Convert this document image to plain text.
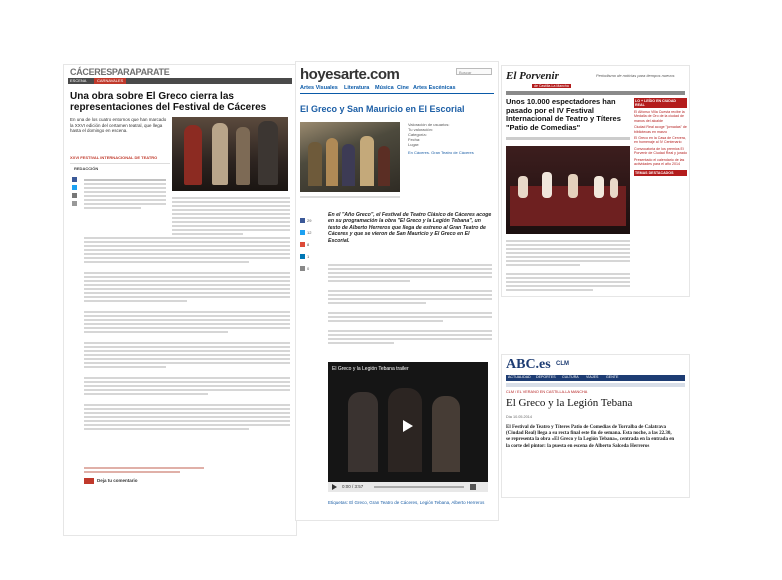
CÁCERESPARAPARATE
ESCENA	CARNAVALES
Una obra sobre El Greco cierra las representaciones del Festival de Cáceres
En una de los cuatro entornos que han marcado la XXVI edición del certamen teatral, que llega hasta el domingo en escena.
XXVI FESTIVAL INTERNACIONAL DE TEATRO
REDACCIÓN
Deja tu comentario
hoyesarte.com	Buscar
Artes Visuales Literatura Música Cine Artes Escénicas
El Greco y San Mauricio en El Escorial
Valoración de usuarios:
Tu valoración:
Categoría:
Fecha:
Lugar:
En Cáceres. Gran Teatro de Cáceres
29
12
8
1
0
En el "Año Greco", el Festival de Teatro Clásico de Cáceres acoge en su programación la obra "El Greco y la Legión Tebana", un texto de Alberto Herreros que llega de estreno al Gran Teatro de Cáceres y que se vieron de San Mauricio y El Greco en El Escorial.
El Greco y la Legión Tebana trailer
0:00 / 3:57
Etiquetas: El Greco, Gran Teatro de Cáceres, Legión Tebana, Alberto Herreros
El Porvenir
de Castilla-La Mancha
Periodismo de noticias para tiempos nuevos
Unos 10.000 espectadores han pasado por el IV Festival Internacional de Teatro y Títeres "Patio de Comedias"
LO + LEÍDO EN CIUDAD REAL
El Alfonso Villa Cuesta recibe la Medalla de Oro de la ciudad de manos del alcalde
Ciudad Real acoge "jornadas" de bibliotecas en marzo
El Greco en la Casa de Cervera, en homenaje al IV Centenario
Convocatoria de los premios El Porvenir de Ciudad Real y jurado
Presentado el calendario de las actividades para el año 2014
TEMAS DESTACADOS
ABC.es CLM
ACTUALIDAD DEPORTES CULTURA VIAJES GENTE
CLM / EL VERANO EN CASTILLA-LA MANCHA
El Greco y la Legión Tebana
Día 10.05.2014
El Festival de Teatro y Títeres Patio de Comedias de Torralba de Calatrava (Ciudad Real) llega a su recta final este fin de semana. Esta noche, a las 22.30, se representa la obra «El Greco y la Legión Tebana», centrada en la entrada en la corte del pintor: la puesta en escena de Alberto Salceda Herreros
